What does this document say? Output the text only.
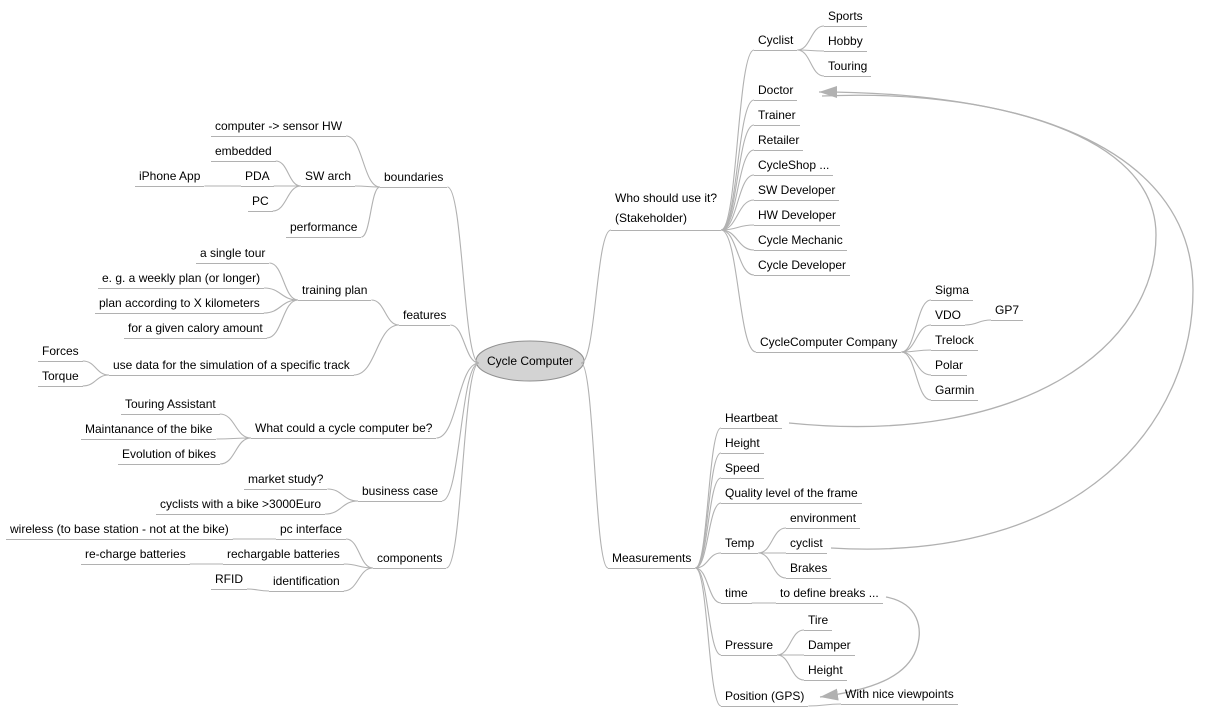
Cycle Computer
boundaries
computer -> sensor HW
SW arch
embedded
PDA
iPhone App
PC
performance
features
training plan
a single tour
e. g. a weekly plan (or longer)
plan according to X kilometers
for a given calory amount
use data for the simulation of a specific track
Forces
Torque
What could a cycle computer be?
Touring Assistant
Maintanance of the bike
Evolution of bikes
business case
market study?
cyclists with a bike >3000Euro
components
pc interface
wireless (to base station - not at the bike)
rechargable batteries
re-charge batteries
identification
RFID
Who should use it?
(Stakeholder)
Cyclist
Sports
Hobby
Touring
Doctor
Trainer
Retailer
CycleShop ...
SW Developer
HW Developer
Cycle Mechanic
Cycle Developer
CycleComputer Company
Sigma
VDO	GP7
Trelock
Polar
Garmin
Measurements
Heartbeat
Height
Speed
Quality level of the frame
Temp
environment
cyclist
Brakes
time	to define breaks ...
Pressure
Tire
Damper
Height
Position (GPS)	With nice viewpoints
